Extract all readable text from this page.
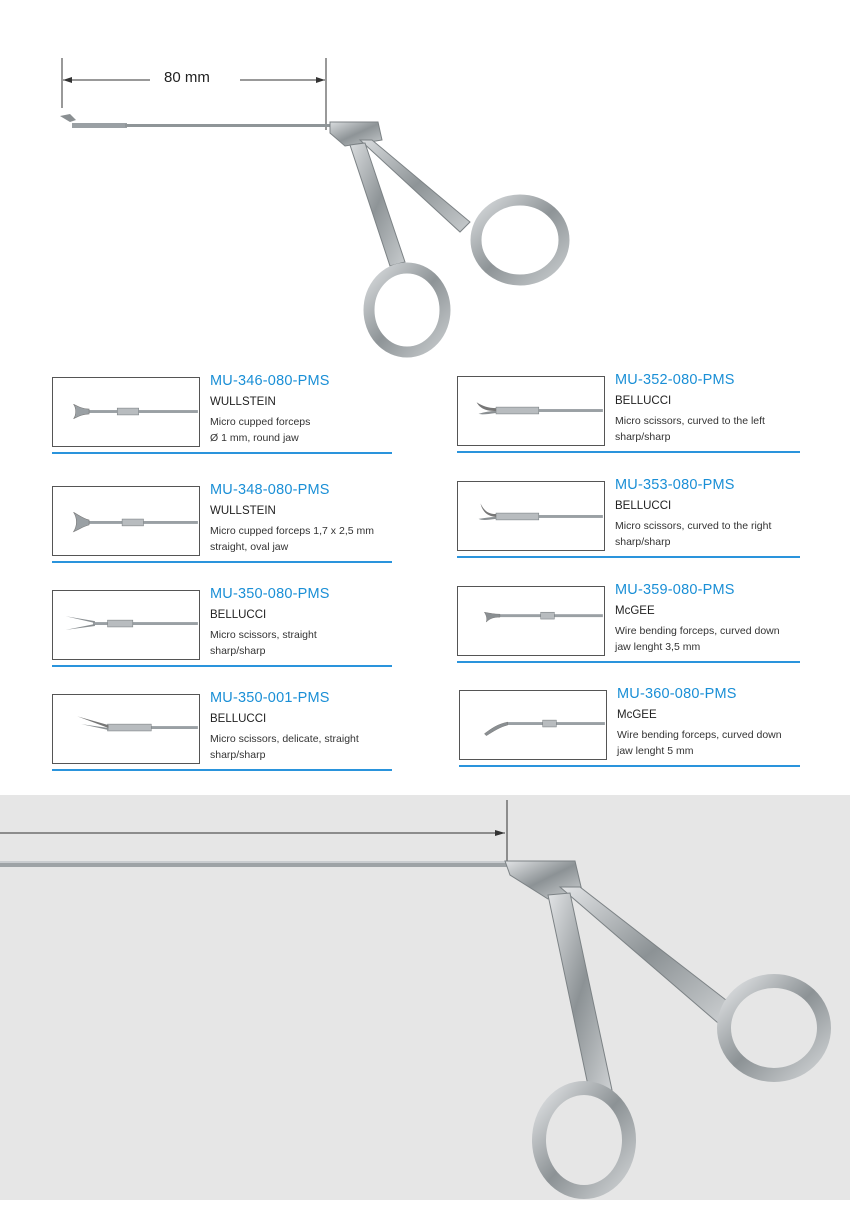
80 mm
MU-346-080-PMS
WULLSTEIN
Micro cupped forceps
Ø 1 mm, round jaw
MU-348-080-PMS
WULLSTEIN
Micro cupped forceps 1,7 x 2,5 mm
straight, oval jaw
MU-350-080-PMS
BELLUCCI
Micro scissors, straight
sharp/sharp
MU-350-001-PMS
BELLUCCI
Micro scissors, delicate, straight
sharp/sharp
MU-352-080-PMS
BELLUCCI
Micro scissors, curved to the left
sharp/sharp
MU-353-080-PMS
BELLUCCI
Micro scissors, curved to the right
sharp/sharp
MU-359-080-PMS
McGEE
Wire bending forceps, curved down
jaw lenght 3,5 mm
MU-360-080-PMS
McGEE
Wire bending forceps, curved down
jaw lenght 5 mm
